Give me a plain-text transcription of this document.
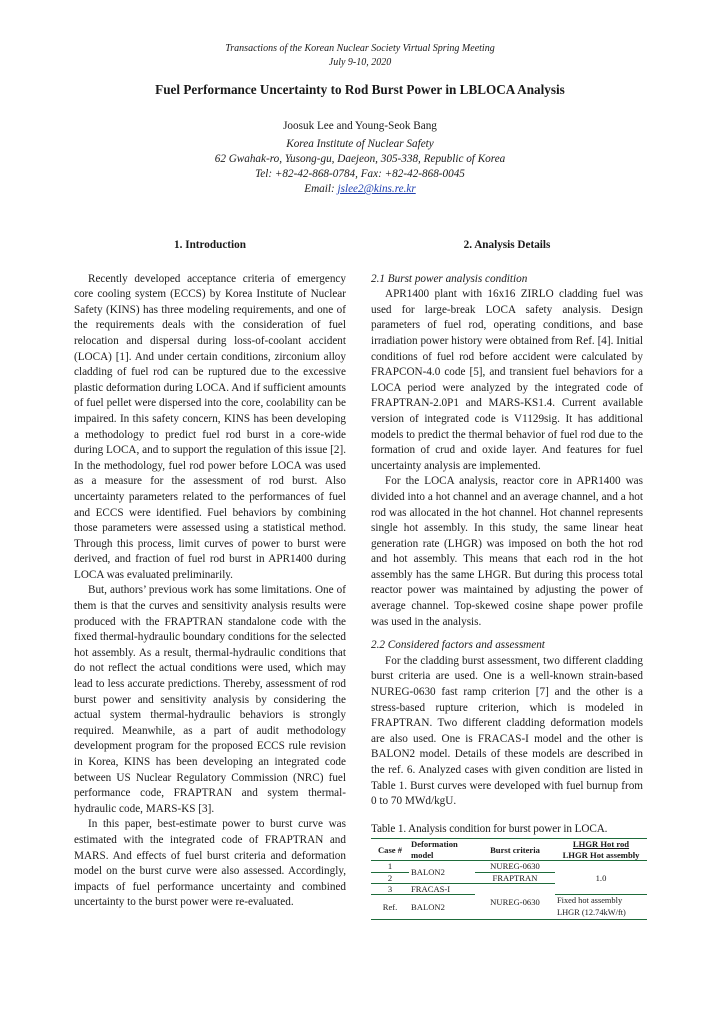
Transactions of the Korean Nuclear Society Virtual Spring Meeting
July 9-10, 2020
Fuel Performance Uncertainty to Rod Burst Power in LBLOCA Analysis
Joosuk Lee and Young-Seok Bang
Korea Institute of Nuclear Safety
62 Gwahak-ro, Yusong-gu, Daejeon, 305-338, Republic of Korea
Tel: +82-42-868-0784, Fax: +82-42-868-0045
Email: jslee2@kins.re.kr
1. Introduction

Recently developed acceptance criteria of emergency core cooling system (ECCS) by Korea Institute of Nuclear Safety (KINS) has three modeling requirements, and one of the requirements deals with the consideration of fuel relocation and dispersal during loss-of-coolant accident (LOCA) [1]. And under certain conditions, zirconium alloy cladding of fuel rod can be ruptured due to the excessive plastic deformation during LOCA. And if sufficient amounts of fuel pellet were dispersed into the core, coolability can be impaired. In this safety concern, KINS has been developing a methodology to predict fuel rod burst in a core-wide during LOCA, and to support the regulation of this issue [2]. In the methodology, fuel rod power before LOCA was used as a measure for the assessment of rod burst. Also uncertainty parameters related to the performances of fuel and ECCS were identified. Fuel behaviors by combining those parameters were assessed using a statistical method. Through this process, limit curves of power to burst were derived, and fraction of fuel rod burst in APR1400 during LOCA was evaluated preliminarily.

But, authors’ previous work has some limitations. One of them is that the curves and sensitivity analysis results were produced with the FRAPTRAN standalone code with the fixed thermal-hydraulic boundary conditions for the selected hot assembly. As a result, thermal-hydraulic conditions that do not reflect the actual conditions were used, which may lead to less accurate predictions. Thereby, assessment of rod burst power and sensitivity analysis by considering the actual system thermal-hydraulic behaviors is strongly required. Meanwhile, as a part of audit methodology development program for the proposed ECCS rule revision in Korea, KINS has been developing an integrated code between US Nuclear Regulatory Commission (NRC) fuel performance code, FRAPTRAN and system thermal-hydraulic code, MARS-KS [3].

In this paper, best-estimate power to burst curve was estimated with the integrated code of FRAPTRAN and MARS. And effects of fuel burst criteria and deformation model on the burst curve were also assessed. Accordingly, impacts of fuel performance uncertainty and combined uncertainty to the burst power were re-evaluated.

2. Analysis Details
2.1 Burst power analysis condition

APR1400 plant with 16x16 ZIRLO cladding fuel was used for large-break LOCA safety analysis. Design parameters of fuel rod, operating conditions, and base irradiation power history were obtained from Ref. [4]. Initial conditions of fuel rod before accident were calculated by FRAPCON-4.0 code [5], and transient fuel behaviors for a LOCA period were analyzed by the integrated code of FRAPTRAN-2.0P1 and MARS-KS1.4. Current available version of integrated code is V1129sig. It has additional models to predict the thermal behavior of fuel rod due to the formation of crud and oxide layer. And features for fuel uncertainty analysis are implemented.

For the LOCA analysis, reactor core in APR1400 was divided into a hot channel and an average channel, and a hot rod was allocated in the hot channel. Hot channel represents single hot assembly. In this study, the same linear heat generation rate (LHGR) was imposed on both the hot rod and hot assembly. This means that each rod in the hot assembly has the same LHGR. But during this process total reactor power was maintained by adjusting the power of average channel. Top-skewed cosine shape power profile was used in the analysis.

2.2 Considered factors and assessment

For the cladding burst assessment, two different cladding burst criteria are used. One is a well-known strain-based NUREG-0630 fast ramp criterion [7] and the other is a stress-based rupture criterion, which is modeled in FRAPTRAN. Two different cladding deformation models are also used. One is FRACAS-I model and the other is BALON2 model. Details of these models are described in the ref. 6. Analyzed cases with given condition are listed in Table 1. Burst curves were developed with fuel burnup from 0 to 70 MWd/kgU.

Table 1. Analysis condition for burst power in LOCA.
Case #	Deformation model	Burst criteria	LHGR Hot rod
LHGR Hot assembly

1	BALON2	NUREG-0630	1.0
2		FRAPTRAN	
3	FRACAS-I	NUREG-0630	
Ref.	BALON2		Fixed hot assembly LHGR (12.74kW/ft)
